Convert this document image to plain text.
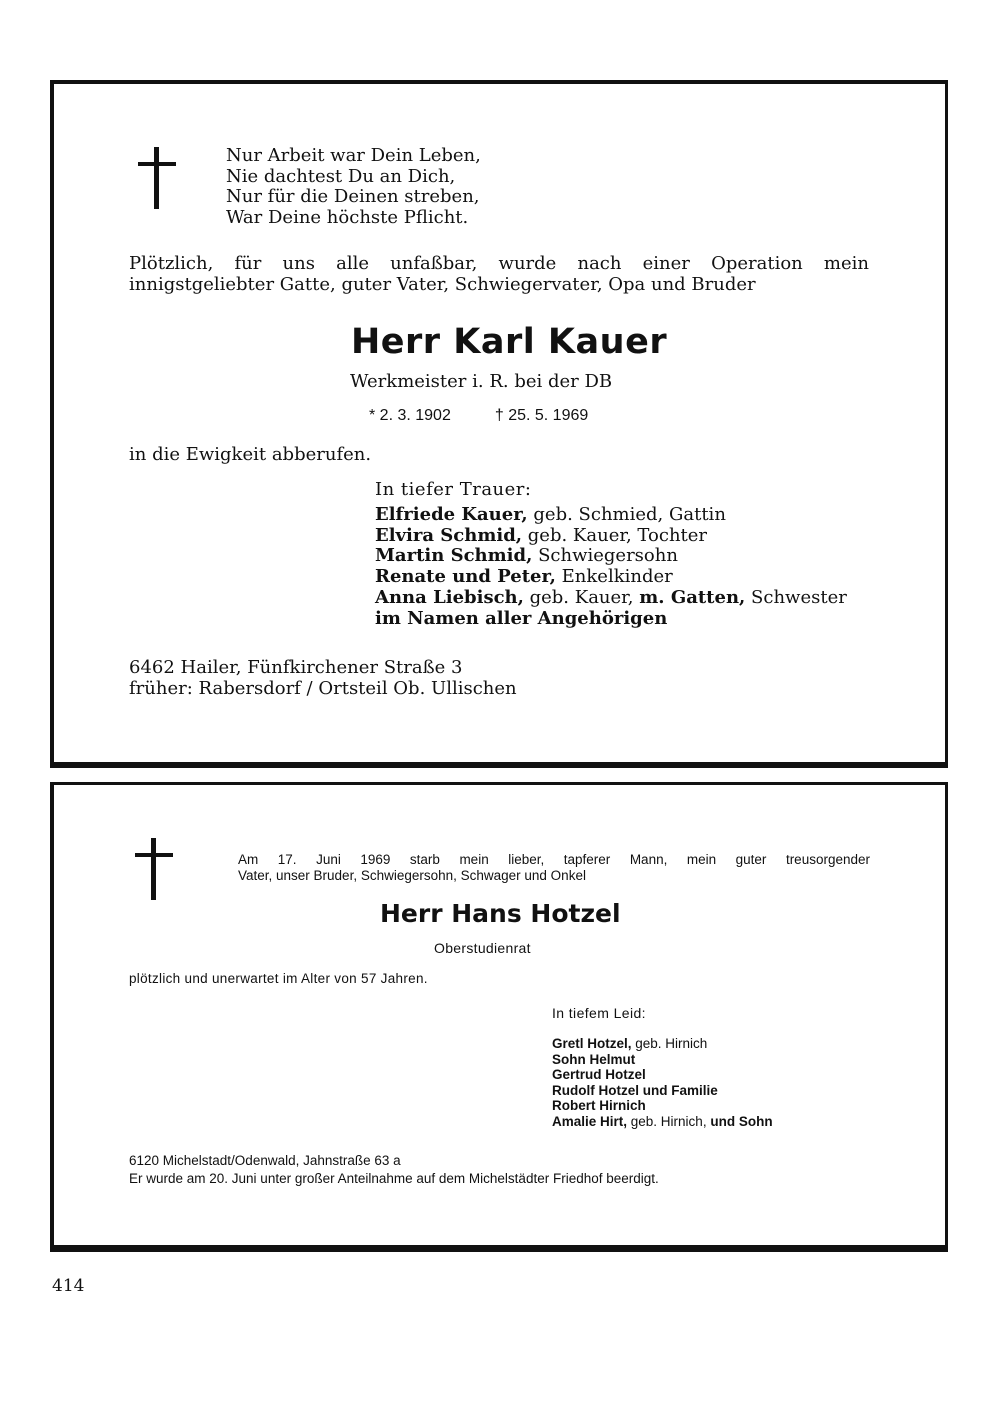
Nur Arbeit war Dein Leben,
Nie dachtest Du an Dich,
Nur für die Deinen streben,
War Deine höchste Pflicht.
Plötzlich, für uns alle unfaßbar, wurde nach einer Operation mein
innigstgeliebter Gatte, guter Vater, Schwiegervater, Opa und Bruder
Herr Karl Kauer
Werkmeister i. R. bei der DB
* 2. 3. 1902	† 25. 5. 1969
in die Ewigkeit abberufen.
In tiefer Trauer:
Elfriede Kauer, geb. Schmied, Gattin
Elvira Schmid, geb. Kauer, Tochter
Martin Schmid, Schwiegersohn
Renate und Peter, Enkelkinder
Anna Liebisch, geb. Kauer, m. Gatten, Schwester
im Namen aller Angehörigen
6462 Hailer, Fünfkirchener Straße 3
früher: Rabersdorf / Ortsteil Ob. Ullischen
Am 17. Juni 1969 starb mein lieber, tapferer Mann, mein guter treusorgender
Vater, unser Bruder, Schwiegersohn, Schwager und Onkel
Herr Hans Hotzel
Oberstudienrat
plötzlich und unerwartet im Alter von 57 Jahren.
In tiefem Leid:
Gretl Hotzel, geb. Hirnich
Sohn Helmut
Gertrud Hotzel
Rudolf Hotzel und Familie
Robert Hirnich
Amalie Hirt, geb. Hirnich, und Sohn
6120 Michelstadt/Odenwald, Jahnstraße 63 a
Er wurde am 20. Juni unter großer Anteilnahme auf dem Michelstädter Friedhof beerdigt.
414
